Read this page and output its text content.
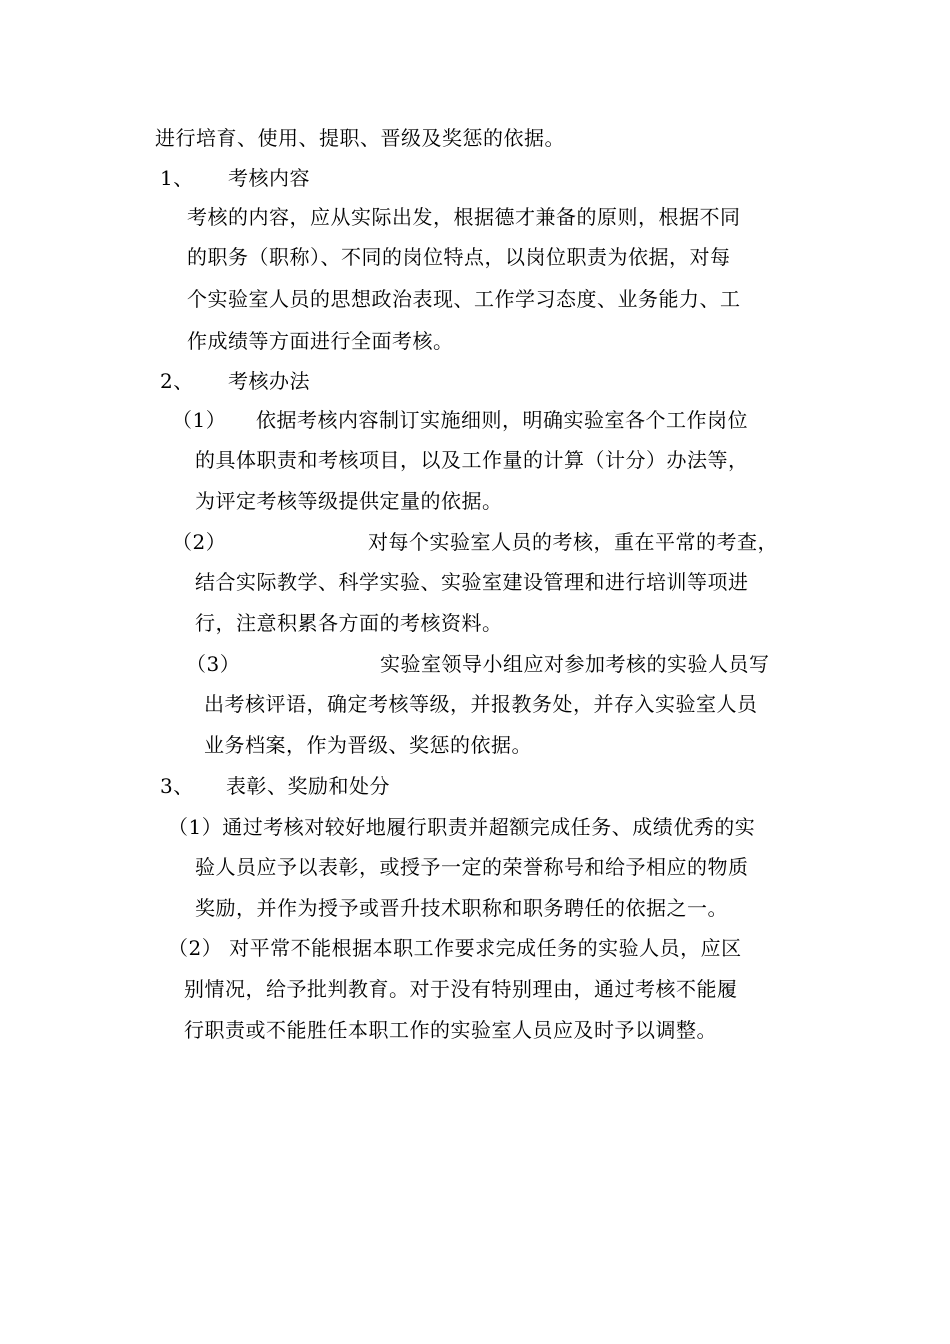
进行培育、使用、提职、晋级及奖惩的依据。
1、 考核内容
考核的内容，应从实际出发，根据德才兼备的原则，根据不同
的职务（职称）、不同的岗位特点，以岗位职责为依据，对每
个实验室人员的思想政治表现、工作学习态度、业务能力、工
作成绩等方面进行全面考核。
2、 考核办法
（1） 依据考核内容制订实施细则，明确实验室各个工作岗位
的具体职责和考核项目，以及工作量的计算（计分）办法等，
为评定考核等级提供定量的依据。
（2）	对每个实验室人员的考核，重在平常的考查，
结合实际教学、科学实验、实验室建设管理和进行培训等项进
行，注意积累各方面的考核资料。
（3）	实验室领导小组应对参加考核的实验人员写
出考核评语，确定考核等级，并报教务处，并存入实验室人员
业务档案，作为晋级、奖惩的依据。
3、 表彰、奖励和处分
（1）通过考核对较好地履行职责并超额完成任务、成绩优秀的实
验人员应予以表彰，或授予一定的荣誉称号和给予相应的物质
奖励，并作为授予或晋升技术职称和职务聘任的依据之一。
（2） 对平常不能根据本职工作要求完成任务的实验人员，应区
别情况，给予批判教育。对于没有特别理由，通过考核不能履
行职责或不能胜任本职工作的实验室人员应及时予以调整。
